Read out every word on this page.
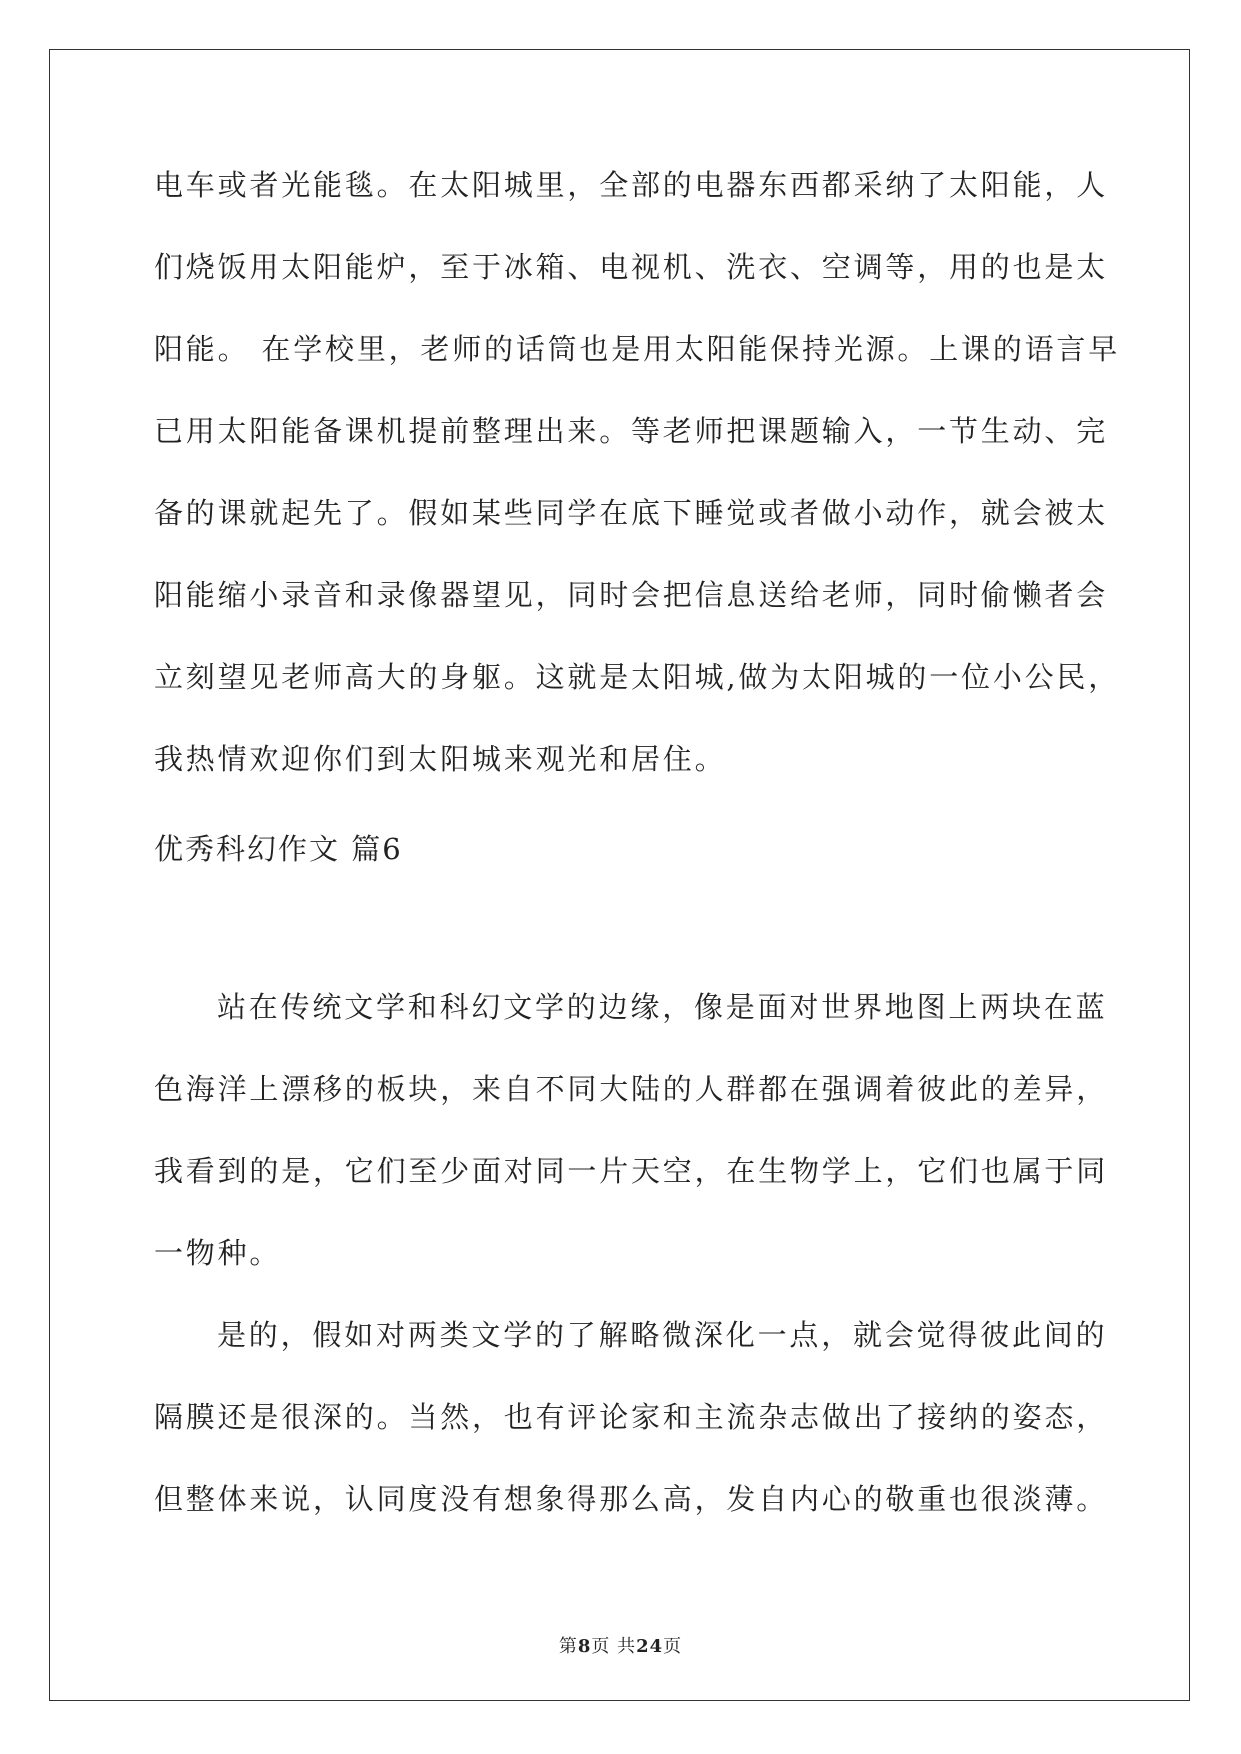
电车或者光能毯。在太阳城里，全部的电器东西都采纳了太阳能，人
们烧饭用太阳能炉，至于冰箱、电视机、洗衣、空调等，用的也是太
阳能。 在学校里，老师的话筒也是用太阳能保持光源。上课的语言早
已用太阳能备课机提前整理出来。等老师把课题输入，一节生动、完
备的课就起先了。假如某些同学在底下睡觉或者做小动作，就会被太
阳能缩小录音和录像器望见，同时会把信息送给老师，同时偷懒者会
立刻望见老师高大的身躯。这就是太阳城,做为太阳城的一位小公民，
我热情欢迎你们到太阳城来观光和居住。
优秀科幻作文 篇6
站在传统文学和科幻文学的边缘，像是面对世界地图上两块在蓝
色海洋上漂移的板块，来自不同大陆的人群都在强调着彼此的差异，
我看到的是，它们至少面对同一片天空，在生物学上，它们也属于同
一物种。
是的，假如对两类文学的了解略微深化一点，就会觉得彼此间的
隔膜还是很深的。当然，也有评论家和主流杂志做出了接纳的姿态，
但整体来说，认同度没有想象得那么高，发自内心的敬重也很淡薄。
第8页 共24页
